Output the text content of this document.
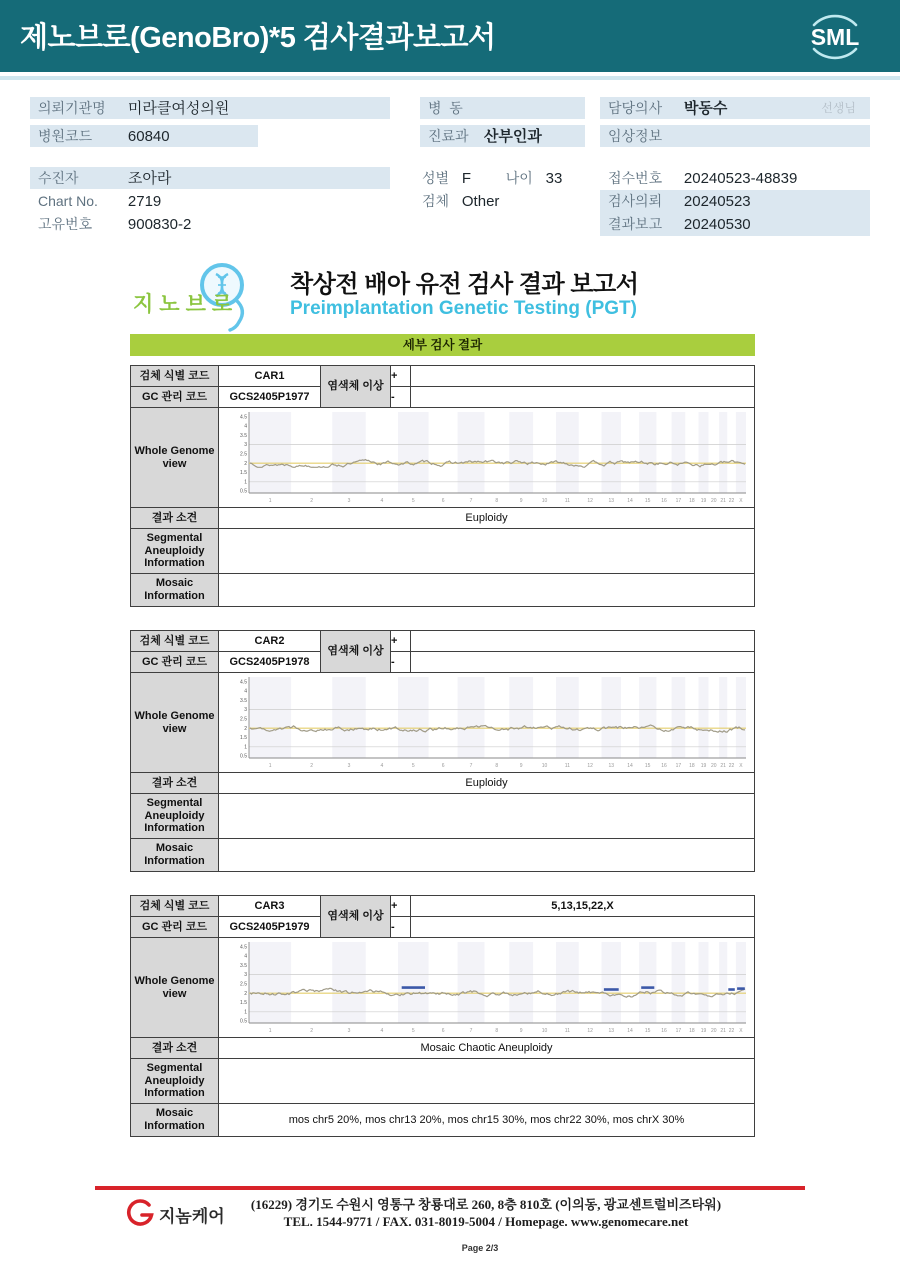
제노브로(GenoBro)*5 검사결과보고서	SML
의뢰기관명 미라클여성의원
병원코드 60840
수진자	조아라
Chart No. 2719
고유번호 900830-2
병  동
진료과 산부인과
성별 F 나이 33
검체 Other
담당의사 박동수	선생님
임상정보
접수번호 20240523-48839
검사의뢰 20240523
결과보고 20240530
지노브로
착상전 배아 유전 검사 결과 보고서
Preimplantation Genetic Testing (PGT)
세부 검사 결과
검체 식별 코드	CAR1	염색체 이상	+	
GC 관리 코드	GCS2405P1977		-	
Whole Genome view	
0.5
1
1.5
2
2.5
3
3.5
4
4.5
1	2	3	4	5	6	7	8	9	10	11	12	13	14 15 16 17 18 19 20 21 22 X

결과 소견	Euploidy			
Segmental Aneuploidy Information				
Mosaic Information				
검체 식별 코드	CAR2	염색체 이상	+	
GC 관리 코드	GCS2405P1978		-	
Whole Genome view	
0.5
1
1.5
2
2.5
3
3.5
4
4.5
1	2	3	4	5	6	7	8	9	10	11	12	13	14 15 16 17 18 19 20 21 22 X

결과 소견	Euploidy			
Segmental Aneuploidy Information				
Mosaic Information				
검체 식별 코드	CAR3	염색체 이상	+	5,13,15,22,X
GC 관리 코드	GCS2405P1979		-	
Whole Genome view	
0.5
1
1.5
2
2.5
3
3.5
4
4.5
1	2	3	4	5	6	7	8	9	10	11	12	13	14 15 16 17 18 19 20 21 22 X

결과 소견	Mosaic Chaotic Aneuploidy			
Segmental Aneuploidy Information				
Mosaic Information	mos chr5 20%, mos chr13 20%, mos chr15 30%, mos chr22 30%, mos chrX 30%			
지놈케어
(16229) 경기도 수원시 영통구 창룡대로 260, 8층 810호 (이의동, 광교센트럴비즈타워)
TEL. 1544-9771 / FAX. 031-8019-5004 / Homepage. www.genomecare.net
Page 2/3
